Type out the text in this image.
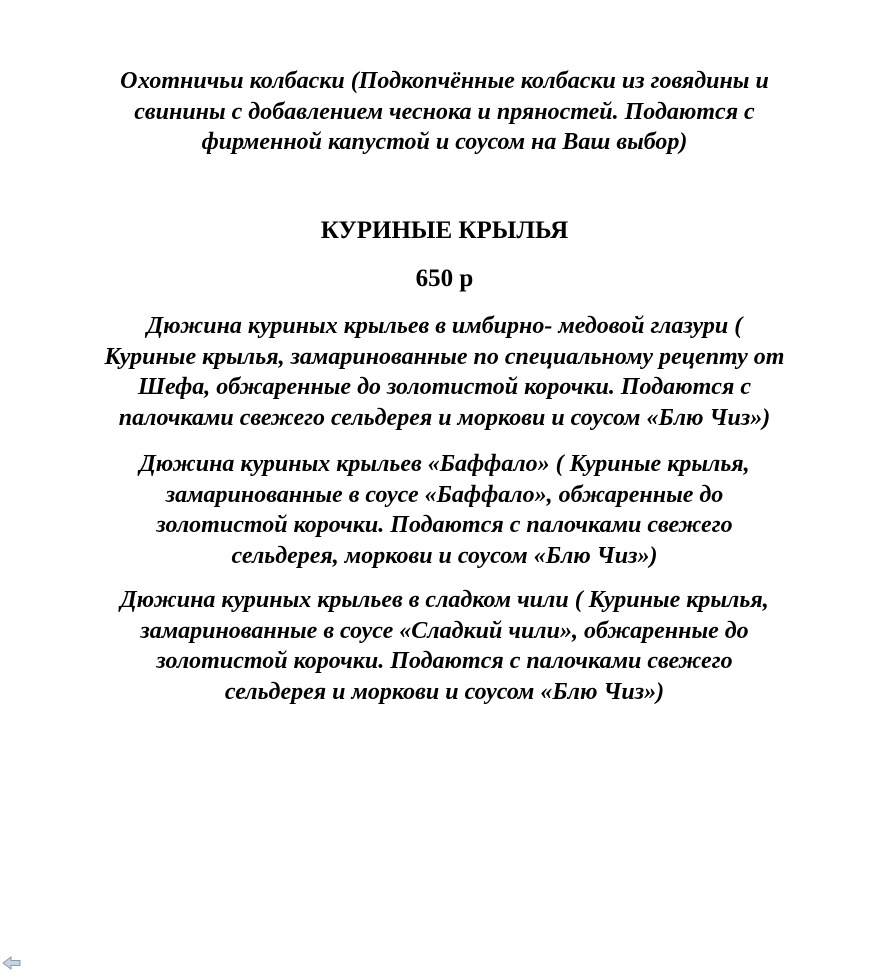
Охотничьи колбаски (Подкопчённые колбаски из говядины и
свинины с добавлением чеснока и пряностей. Подаются с
фирменной капустой и соусом на Ваш выбор)

КУРИНЫЕ КРЫЛЬЯ
650 р

Дюжина куриных крыльев в имбирно- медовой глазури (
Куриные крылья, замаринованные по специальному рецепту от
Шефа, обжаренные до золотистой корочки. Подаются с
палочками свежего сельдерея и моркови и соусом «Блю Чиз»)

Дюжина куриных крыльев «Баффало» ( Куриные крылья,
замаринованные в соусе «Баффало», обжаренные до
золотистой корочки. Подаются с палочками свежего
сельдерея, моркови и соусом «Блю Чиз»)

Дюжина куриных крыльев в сладком чили ( Куриные крылья,
замаринованные в соусе «Сладкий чили», обжаренные до
золотистой корочки. Подаются с палочками свежего
сельдерея и моркови и соусом «Блю Чиз»)
